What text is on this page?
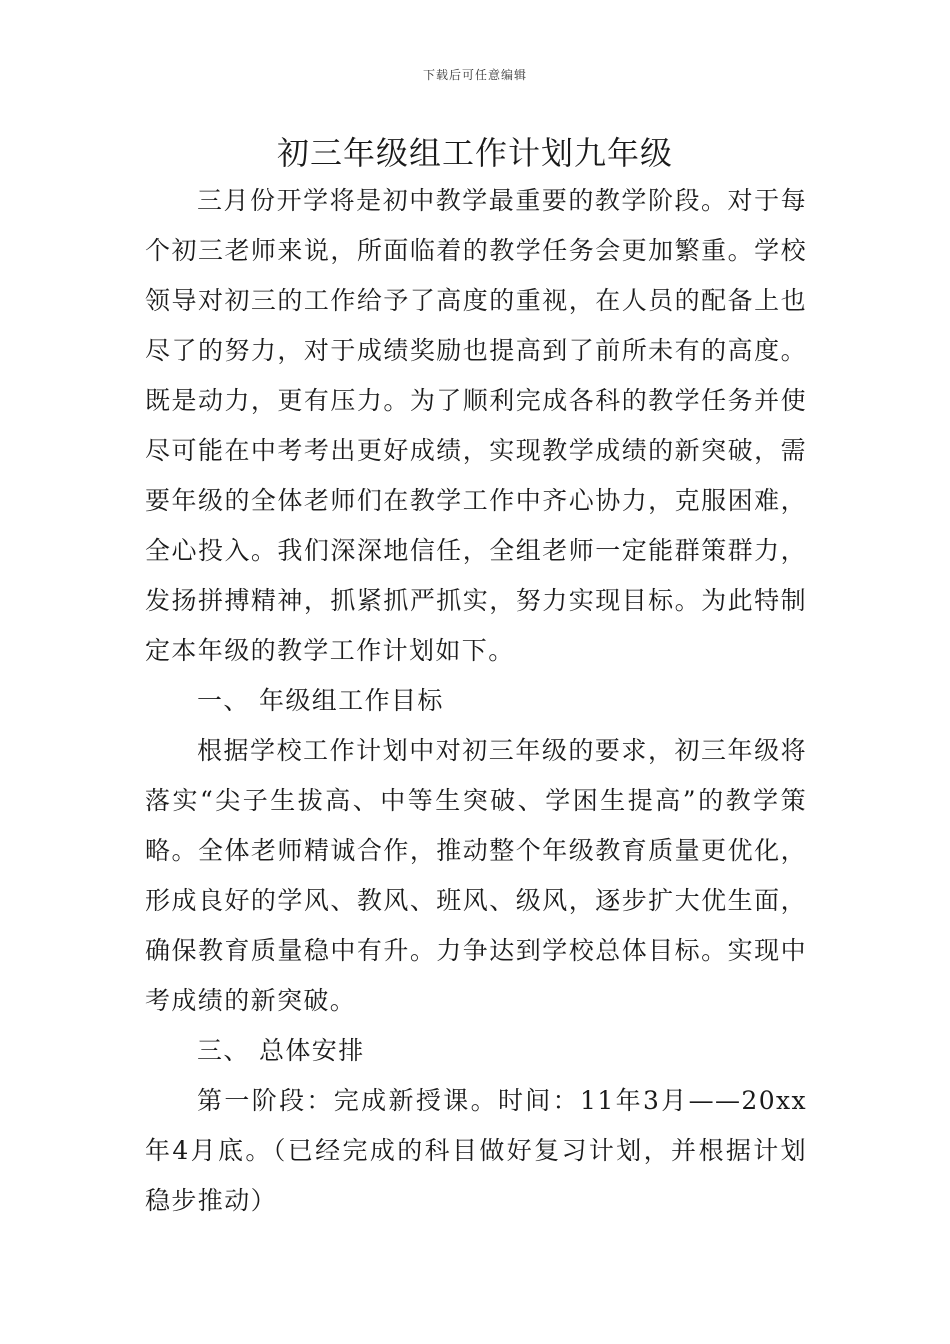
下载后可任意编辑
初三年级组工作计划九年级

三月份开学将是初中教学最重要的教学阶段。对于每个初三老师来说，所面临着的教学任务会更加繁重。学校领导对初三的工作给予了高度的重视，在人员的配备上也尽了的努力，对于成绩奖励也提高到了前所未有的高度。既是动力，更有压力。为了顺利完成各科的教学任务并使尽可能在中考考出更好成绩，实现教学成绩的新突破，需要年级的全体老师们在教学工作中齐心协力，克服困难，全心投入。我们深深地信任，全组老师一定能群策群力，发扬拼搏精神，抓紧抓严抓实，努力实现目标。为此特制定本年级的教学工作计划如下。

一、 年级组工作目标

根据学校工作计划中对初三年级的要求，初三年级将落实“尖子生拔高、中等生突破、学困生提高”的教学策略。全体老师精诚合作，推动整个年级教育质量更优化，形成良好的学风、教风、班风、级风，逐步扩大优生面，确保教育质量稳中有升。力争达到学校总体目标。实现中考成绩的新突破。

三、 总体安排

第一阶段：完成新授课。时间：11年3月——20xx年4月底。（已经完成的科目做好复习计划，并根据计划稳步推动）
